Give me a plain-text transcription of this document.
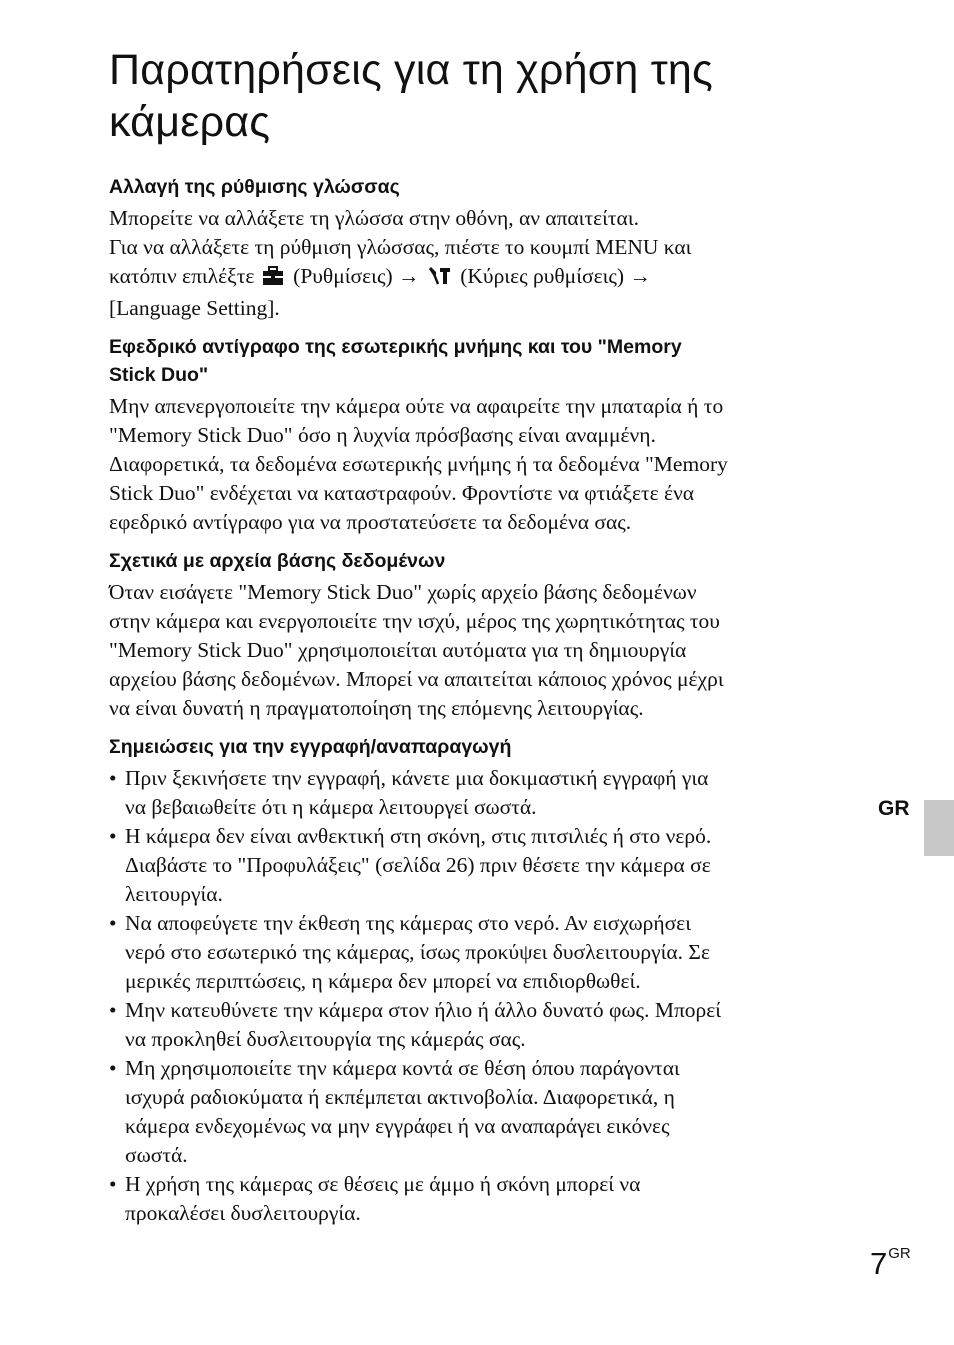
Παρατηρήσεις για τη χρήση της κάμερας
Αλλαγή της ρύθμισης γλώσσας
Μπορείτε να αλλάξετε τη γλώσσα στην οθόνη, αν απαιτείται.
Για να αλλάξετε τη ρύθμιση γλώσσας, πιέστε το κουμπί MENU και
κατόπιν επιλέξτε (Ρυθμίσεις) → (Κύριες ρυθμίσεις) →
[Language Setting].
Εφεδρικό αντίγραφο της εσωτερικής μνήμης και του "Memory
Stick Duo"
Μην απενεργοποιείτε την κάμερα ούτε να αφαιρείτε την μπαταρία ή το
"Memory Stick Duo" όσο η λυχνία πρόσβασης είναι αναμμένη.
Διαφορετικά, τα δεδομένα εσωτερικής μνήμης ή τα δεδομένα "Memory
Stick Duo" ενδέχεται να καταστραφούν. Φροντίστε να φτιάξετε ένα
εφεδρικό αντίγραφο για να προστατεύσετε τα δεδομένα σας.
Σχετικά με αρχεία βάσης δεδομένων
Όταν εισάγετε "Memory Stick Duo" χωρίς αρχείο βάσης δεδομένων
στην κάμερα και ενεργοποιείτε την ισχύ, μέρος της χωρητικότητας του
"Memory Stick Duo" χρησιμοποιείται αυτόματα για τη δημιουργία
αρχείου βάσης δεδομένων. Μπορεί να απαιτείται κάποιος χρόνος μέχρι
να είναι δυνατή η πραγματοποίηση της επόμενης λειτουργίας.
Σημειώσεις για την εγγραφή/αναπαραγωγή
• Πριν ξεκινήσετε την εγγραφή, κάνετε μια δοκιμαστική εγγραφή για
να βεβαιωθείτε ότι η κάμερα λειτουργεί σωστά.
• Η κάμερα δεν είναι ανθεκτική στη σκόνη, στις πιτσιλιές ή στο νερό.
Διαβάστε το "Προφυλάξεις" (σελίδα 26) πριν θέσετε την κάμερα σε
λειτουργία.
• Να αποφεύγετε την έκθεση της κάμερας στο νερό. Αν εισχωρήσει
νερό στο εσωτερικό της κάμερας, ίσως προκύψει δυσλειτουργία. Σε
μερικές περιπτώσεις, η κάμερα δεν μπορεί να επιδιορθωθεί.
• Μην κατευθύνετε την κάμερα στον ήλιο ή άλλο δυνατό φως. Μπορεί
να προκληθεί δυσλειτουργία της κάμεράς σας.
• Μη χρησιμοποιείτε την κάμερα κοντά σε θέση όπου παράγονται
ισχυρά ραδιοκύματα ή εκπέμπεται ακτινοβολία. Διαφορετικά, η
κάμερα ενδεχομένως να μην εγγράφει ή να αναπαράγει εικόνες
σωστά.
• Η χρήση της κάμερας σε θέσεις με άμμο ή σκόνη μπορεί να
προκαλέσει δυσλειτουργία.
GR
$7^{GR}$
